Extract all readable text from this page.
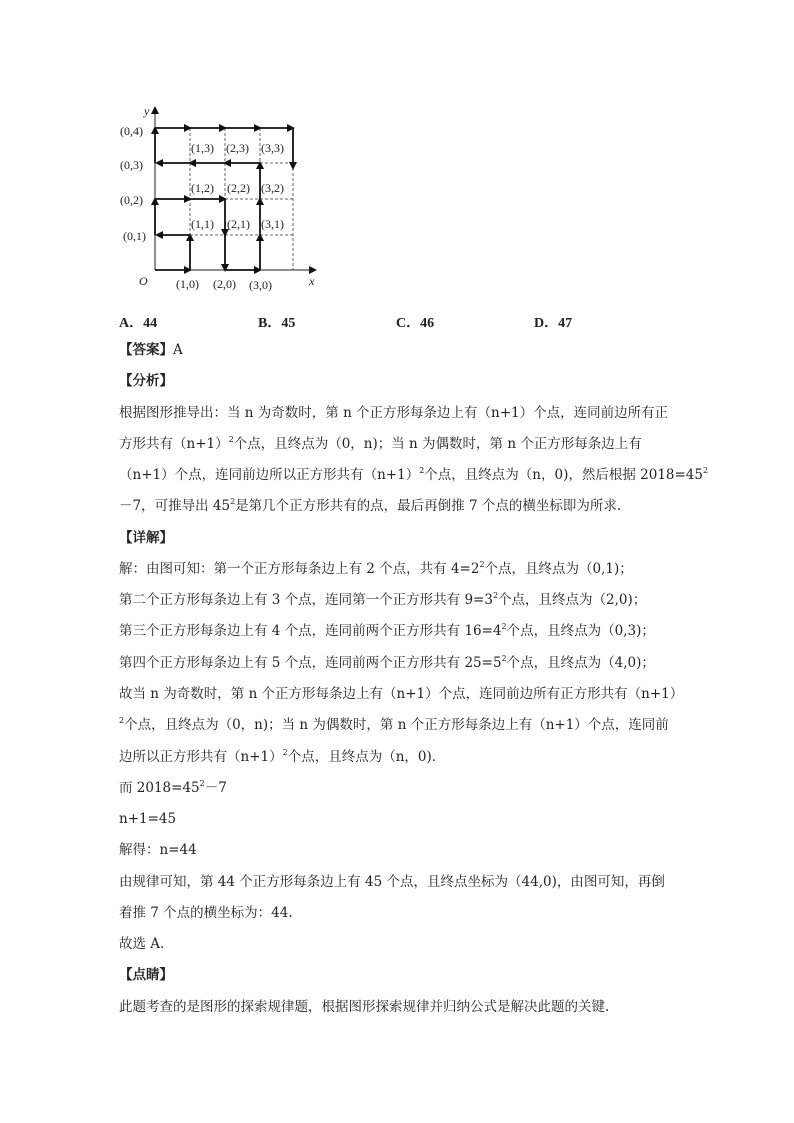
y
x
O
(0,4)
(0,3)
(0,2)
(0,1)
(1,0) (2,0) (3,0)
(1,3) (2,3) (3,3)
(1,2) (2,2) (3,2)
(1,1) (2,1) (3,1)
A．44	B．45	C．46	D．47
【答案】A
【分析】
根据图形推导出：当 n 为奇数时，第 n 个正方形每条边上有（n+1）个点，连同前边所有正
方形共有$(n+1)^2$个点，且终点为（0，n)；当 n 为偶数时，第 n 个正方形每条边上有
（n+1）个点，连同前边所以正方形共有$(n+1)^2$个点，且终点为（n，0)，然后根据 $2018=45^2$
－7，可推导出 $45^2$是第几个正方形共有的点，最后再倒推 7 个点的横坐标即为所求.
【详解】
解：由图可知：第一个正方形每条边上有 2 个点，共有 $4=2^2$个点，且终点为（0,1)；
第二个正方形每条边上有 3 个点，连同第一个正方形共有 $9=3^2$个点，且终点为（2,0)；
第三个正方形每条边上有 4 个点，连同前两个正方形共有 $16=4^2$个点，且终点为（0,3)；
第四个正方形每条边上有 5 个点，连同前两个正方形共有 $25=5^2$个点，且终点为（4,0)；
故当 n 为奇数时，第 n 个正方形每条边上有（n+1）个点，连同前边所有正方形共有（n+1）
$^2$个点，且终点为（0，n)；当 n 为偶数时，第 n 个正方形每条边上有（n+1）个点，连同前
边所以正方形共有$(n+1)^2$个点，且终点为（n，0)．
而 $2018=45^2-7$
n+1=45
解得：n=44
由规律可知，第 44 个正方形每条边上有 45 个点，且终点坐标为（44,0)，由图可知，再倒
着推 7 个点的横坐标为：44.
故选 A.
【点睛】
此题考查的是图形的探索规律题，根据图形探索规律并归纳公式是解决此题的关键.
